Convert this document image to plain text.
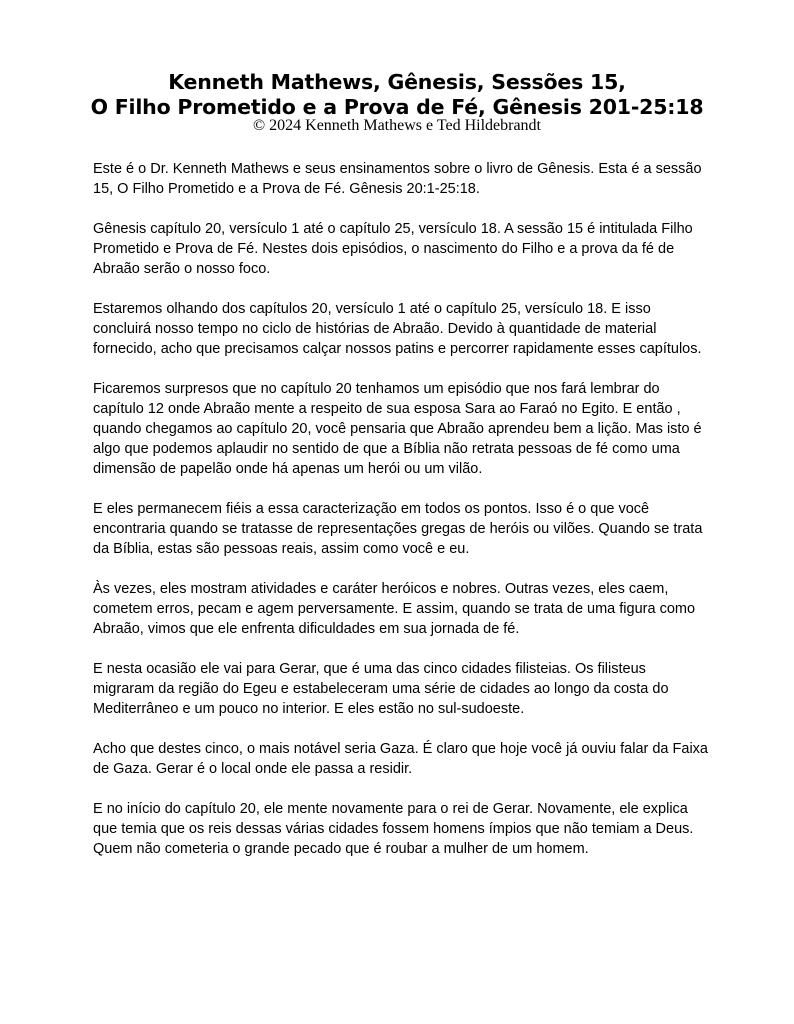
Kenneth Mathews, Gênesis, Sessões 15,

O Filho Prometido e a Prova de Fé, Gênesis 201-25:18

© 2024 Kenneth Mathews e Ted Hildebrandt

Este é o Dr. Kenneth Mathews e seus ensinamentos sobre o livro de Gênesis. Esta é a sessão 15, O Filho Prometido e a Prova de Fé. Gênesis 20:1-25:18.

Gênesis capítulo 20, versículo 1 até o capítulo 25, versículo 18. A sessão 15 é intitulada Filho Prometido e Prova de Fé. Nestes dois episódios, o nascimento do Filho e a prova da fé de Abraão serão o nosso foco.

Estaremos olhando dos capítulos 20, versículo 1 até o capítulo 25, versículo 18. E isso concluirá nosso tempo no ciclo de histórias de Abraão. Devido à quantidade de material fornecido, acho que precisamos calçar nossos patins e percorrer rapidamente esses capítulos.

Ficaremos surpresos que no capítulo 20 tenhamos um episódio que nos fará lembrar do capítulo 12 onde Abraão mente a respeito de sua esposa Sara ao Faraó no Egito. E então , quando chegamos ao capítulo 20, você pensaria que Abraão aprendeu bem a lição. Mas isto é algo que podemos aplaudir no sentido de que a Bíblia não retrata pessoas de fé como uma dimensão de papelão onde há apenas um herói ou um vilão.

E eles permanecem fiéis a essa caracterização em todos os pontos. Isso é o que você encontraria quando se tratasse de representações gregas de heróis ou vilões. Quando se trata da Bíblia, estas são pessoas reais, assim como você e eu.

Às vezes, eles mostram atividades e caráter heróicos e nobres. Outras vezes, eles caem, cometem erros, pecam e agem perversamente. E assim, quando se trata de uma figura como Abraão, vimos que ele enfrenta dificuldades em sua jornada de fé.

E nesta ocasião ele vai para Gerar, que é uma das cinco cidades filisteias. Os filisteus migraram da região do Egeu e estabeleceram uma série de cidades ao longo da costa do Mediterrâneo e um pouco no interior. E eles estão no sul-sudoeste.

Acho que destes cinco, o mais notável seria Gaza. É claro que hoje você já ouviu falar da Faixa de Gaza. Gerar é o local onde ele passa a residir.

E no início do capítulo 20, ele mente novamente para o rei de Gerar. Novamente, ele explica que temia que os reis dessas várias cidades fossem homens ímpios que não temiam a Deus. Quem não cometeria o grande pecado que é roubar a mulher de um homem.
